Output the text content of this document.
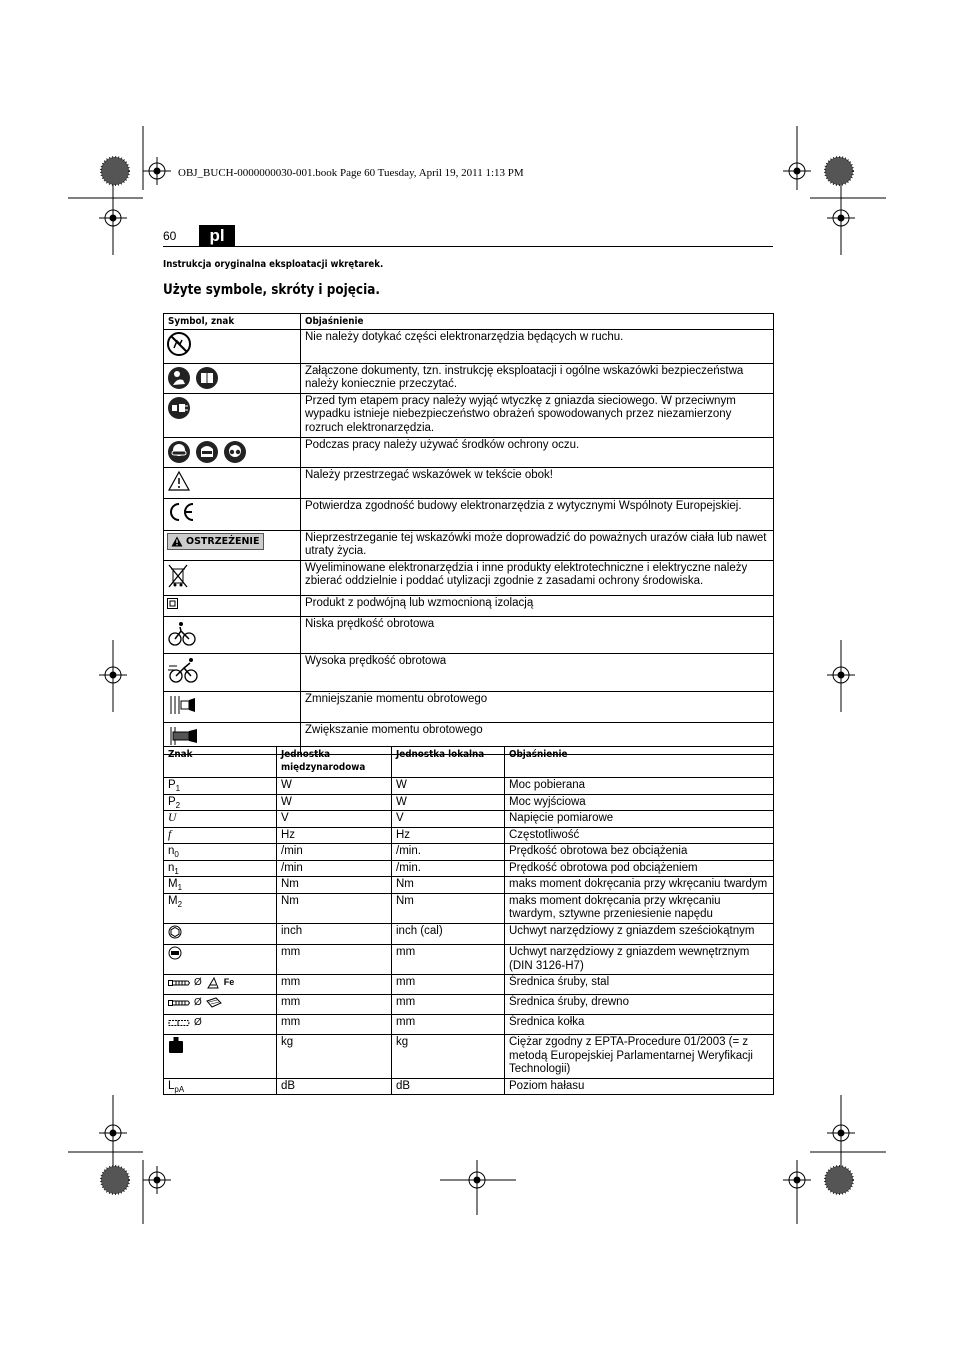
OBJ_BUCH-0000000030-001.book Page 60 Tuesday, April 19, 2011 1:13 PM
60	pl
Instrukcja oryginalna eksploatacji wkrętarek.
Użyte symbole, skróty i pojęcia.
Symbol, znak	Objaśnienie
	Nie należy dotykać części elektronarzędzia będących w ruchu.

	Załączone dokumenty, tzn. instrukcję eksploatacji i ogólne wskazówki bezpieczeństwa należy koniecznie przeczytać.
	Przed tym etapem pracy należy wyjąć wtyczkę z gniazda sieciowego. W przeciwnym wypadku istnieje niebezpieczeństwo obrażeń spowodowanych przez niezamierzony rozruch elektronarzędzia.

	Podczas pracy należy używać środków ochrony oczu.
	Należy przestrzegać wskazówek w tekście obok!
	Potwierdza zgodność budowy elektronarzędzia z wytycznymi Wspólnoty Europejskiej.

OSTRZEŻENIE	Nieprzestrzeganie tej wskazówki może doprowadzić do poważnych urazów ciała lub nawet utraty życia.
	Wyeliminowane elektronarzędzia i inne produkty elektrotechniczne i elektryczne należy zbierać oddzielnie i poddać utylizacji zgodnie z zasadami ochrony środowiska.
	Produkt z podwójną lub wzmocnioną izolacją
	Niska prędkość obrotowa
	Wysoka prędkość obrotowa
	Zmniejszanie momentu obrotowego
	Zwiększanie momentu obrotowego
Znak	Jednostka międzynarodowa	Jednostka lokalna	Objaśnienie
$P_1$	W	W	Moc pobierana
$P_2$	W	W	Moc wyjściowa
U	V	V	Napięcie pomiarowe
f	Hz	Hz	Częstotliwość
$n_0$	/min	/min.	Prędkość obrotowa bez obciążenia
$n_1$	/min	/min.	Prędkość obrotowa pod obciążeniem
$M_1$	Nm	Nm	maks moment dokręcania przy wkręcaniu twardym
$M_2$	Nm	Nm	maks moment dokręcania przy wkręcaniu twardym, sztywne przeniesienie napędu
	inch	inch (cal)	Uchwyt narzędziowy z gniazdem sześciokątnym
	mm	mm	Uchwyt narzędziowy z gniazdem wewnętrznym (DIN 3126-H7)

Ø Fe	mm	mm	Średnica śruby, stal

Ø	mm	mm	Średnica śruby, drewno

Ø	mm	mm	Średnica kołka
	kg	kg	Ciężar zgodny z EPTA-Procedure 01/2003 (= z metodą Europejskiej Parlamentarnej Weryfikacji Technologii)
$L_{pA}$	dB	dB	Poziom hałasu
